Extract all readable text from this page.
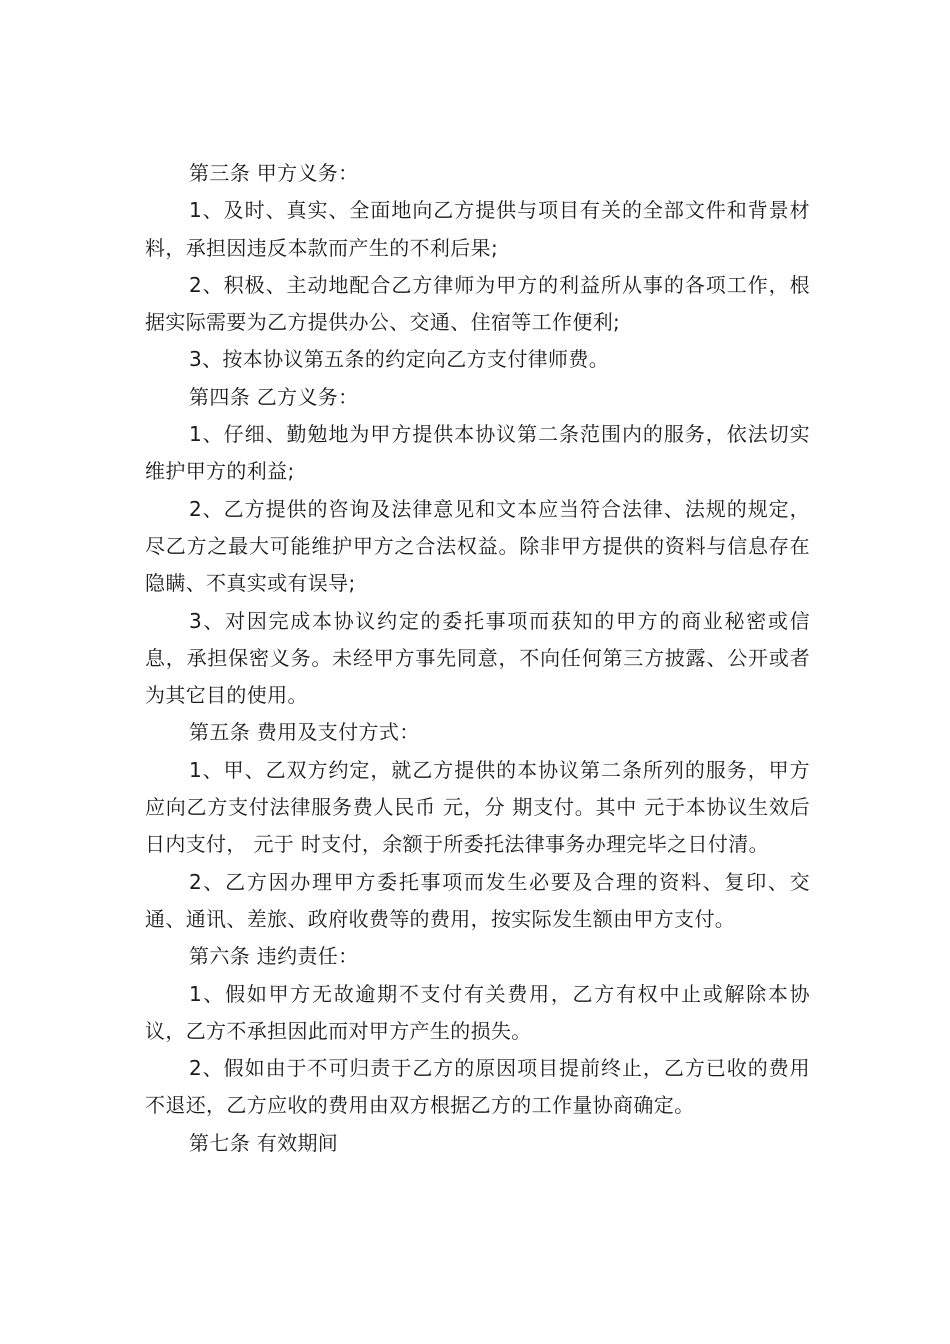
第三条 甲方义务：

1、及时、真实、全面地向乙方提供与项目有关的全部文件和背景材料，承担因违反本款而产生的不利后果;

2、积极、主动地配合乙方律师为甲方的利益所从事的各项工作，根据实际需要为乙方提供办公、交通、住宿等工作便利;

3、按本协议第五条的约定向乙方支付律师费。

第四条 乙方义务：

1、仔细、勤勉地为甲方提供本协议第二条范围内的服务，依法切实维护甲方的利益;

2、乙方提供的咨询及法律意见和文本应当符合法律、法规的规定，尽乙方之最大可能维护甲方之合法权益。除非甲方提供的资料与信息存在隐瞒、不真实或有误导;

3、对因完成本协议约定的委托事项而获知的甲方的商业秘密或信息，承担保密义务。未经甲方事先同意，不向任何第三方披露、公开或者为其它目的使用。

第五条 费用及支付方式：

1、甲、乙双方约定，就乙方提供的本协议第二条所列的服务，甲方应向乙方支付法律服务费人民币 元，分 期支付。其中 元于本协议生效后 日内支付， 元于 时支付，余额于所委托法律事务办理完毕之日付清。

2、乙方因办理甲方委托事项而发生必要及合理的资料、复印、交通、通讯、差旅、政府收费等的费用，按实际发生额由甲方支付。

第六条 违约责任：

1、假如甲方无故逾期不支付有关费用，乙方有权中止或解除本协议，乙方不承担因此而对甲方产生的损失。

2、假如由于不可归责于乙方的原因项目提前终止，乙方已收的费用不退还，乙方应收的费用由双方根据乙方的工作量协商确定。

第七条 有效期间
